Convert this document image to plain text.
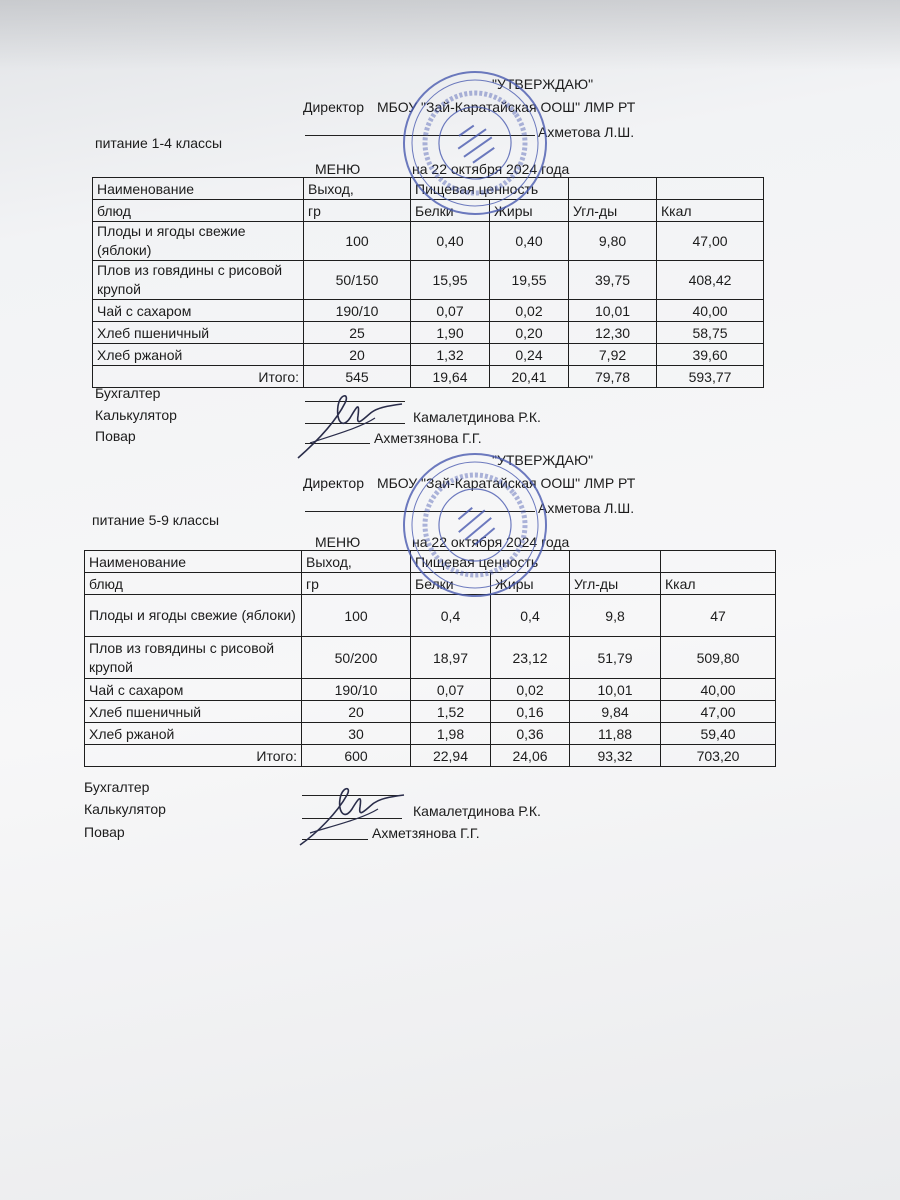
"УТВЕРЖДАЮ"
Директор МБОУ "Зай-Каратайская ООШ" ЛМР РТ
Ахметова Л.Ш.
питание 1-4 классы
МЕНЮ	на 22 октября 2024 года
Наименование	Выход,	Пищевая ценность			
блюд	гр	Белки	Жиры	Угл-ды	Ккал
Плоды и ягоды свежие (яблоки)	100	0,40	0,40	9,80	47,00
Плов из говядины с рисовой крупой	50/150	15,95	19,55	39,75	408,42
Чай с сахаром	190/10	0,07	0,02	10,01	40,00
Хлеб пшеничный	25	1,90	0,20	12,30	58,75
Хлеб ржаной	20	1,32	0,24	7,92	39,60
Итого:	545	19,64	20,41	79,78	593,77
Бухгалтер
Калькулятор	Камалетдинова Р.К.
Повар	Ахметзянова Г.Г.
"УТВЕРЖДАЮ"
Директор МБОУ "Зай-Каратайская ООШ" ЛМР РТ
Ахметова Л.Ш.
питание 5-9 классы
МЕНЮ	на 22 октября 2024 года
Наименование	Выход,	Пищевая ценность			
блюд	гр	Белки	Жиры	Угл-ды	Ккал
Плоды и ягоды свежие (яблоки)	100	0,4	0,4	9,8	47
Плов из говядины с рисовой крупой	50/200	18,97	23,12	51,79	509,80
Чай с сахаром	190/10	0,07	0,02	10,01	40,00
Хлеб пшеничный	20	1,52	0,16	9,84	47,00
Хлеб ржаной	30	1,98	0,36	11,88	59,40
Итого:	600	22,94	24,06	93,32	703,20
Бухгалтер
Калькулятор	Камалетдинова Р.К.
Повар	Ахметзянова Г.Г.
